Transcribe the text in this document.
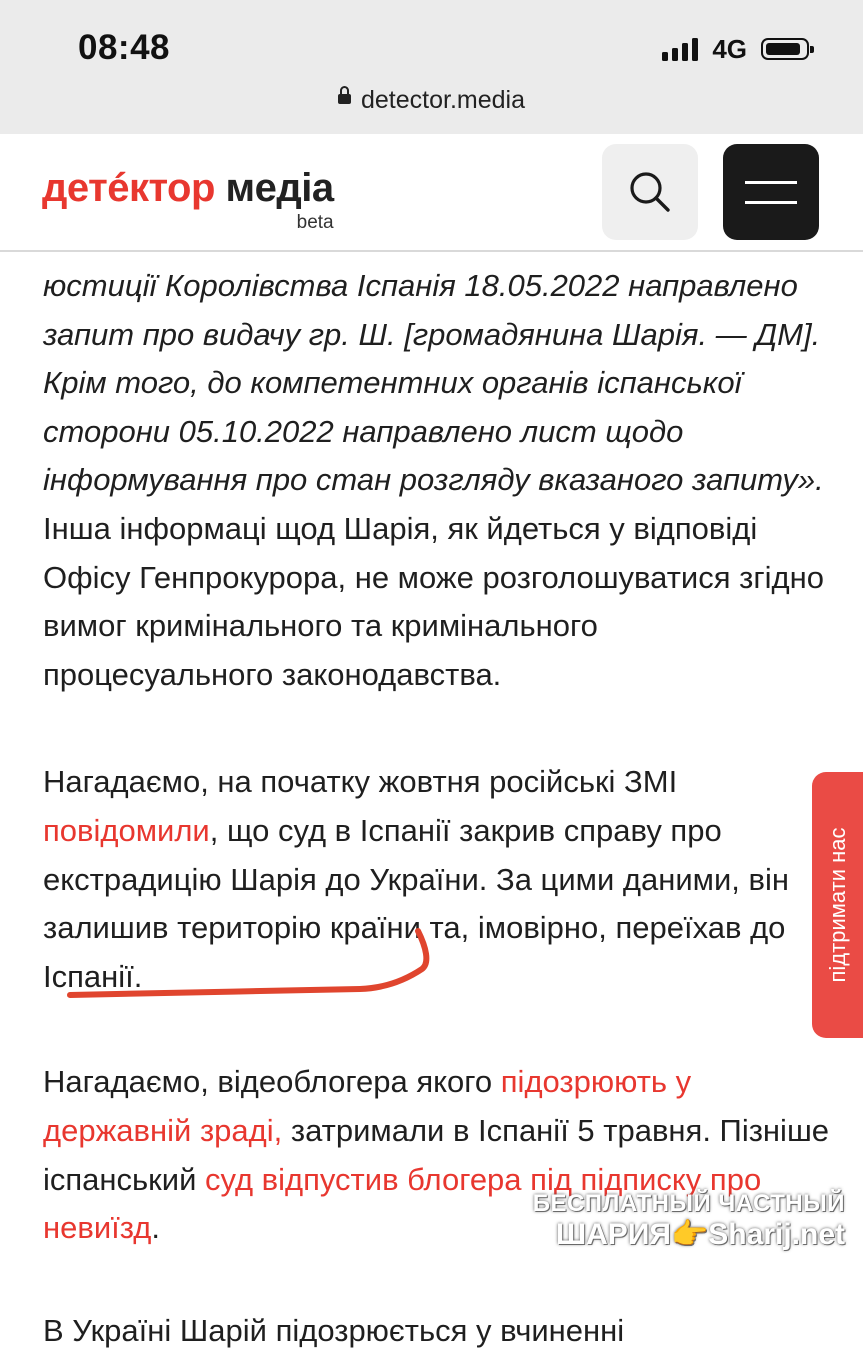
08:48	4G
detector.media
детéктор медіа
beta

юстиції Королівства Іспанія 18.05.2022 направлено запит про видачу гр. Ш. [громадянина Шарія. — ДМ]. Крім того, до компетентних органів іспанської сторони 05.10.2022 направлено лист щодо інформування про стан розгляду вказаного запиту». Інша інформаці щод Шарія, як йдеться у відповіді Офісу Генпрокурора, не може розголошуватися згідно вимог кримінального та кримінального процесуального законодавства.

Нагадаємо, на початку жовтня російські ЗМІ повідомили, що суд в Іспанії закрив справу про екстрадицію Шарія до України. За цими даними, він залишив територію країни та, імовірно, переїхав до Іспанії.

Нагадаємо, відеоблогера якого підозрюють у державній зраді, затримали в Іспанії 5 травня. Пізніше іспанський суд відпустив блогера під підписку про невиїзд.

В Україні Шарій підозрюється у вчиненні

підтримати нас
БЕСПЛАТНЫЙ ЧАСТНЫЙ
ШАРИЯ👉Sharij.net
